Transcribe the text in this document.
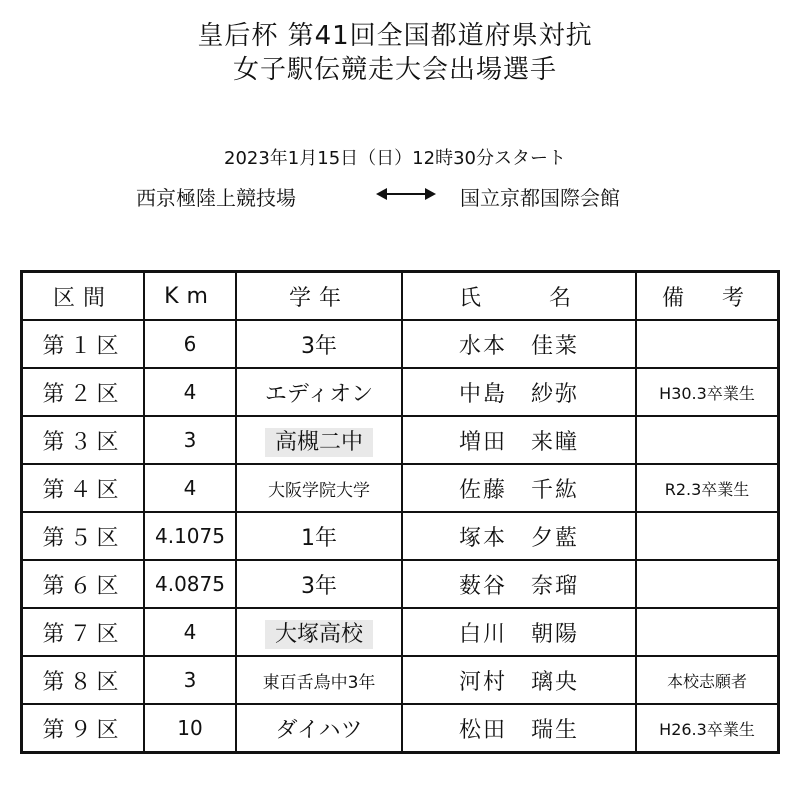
皇后杯 第41回全国都道府県対抗
女子駅伝競走大会出場選手
2023年1月15日（日）12時30分スタート
西京極陸上競技場	国立京都国際会館
区間	Km	学年	氏　　名	備　考
第１区	6	3年	水本　佳菜	
第２区	4	エディオン	中島　紗弥	H30.3卒業生
第３区	3	高槻二中	増田　来瞳	
第４区	4	大阪学院大学	佐藤　千紘	R2.3卒業生
第５区	4.1075	1年	塚本　夕藍	
第６区	4.0875	3年	薮谷　奈瑠	
第７区	4	大塚高校	白川　朝陽	
第８区	3	東百舌鳥中3年	河村　璃央	本校志願者
第９区	10	ダイハツ	松田　瑞生	H26.3卒業生
